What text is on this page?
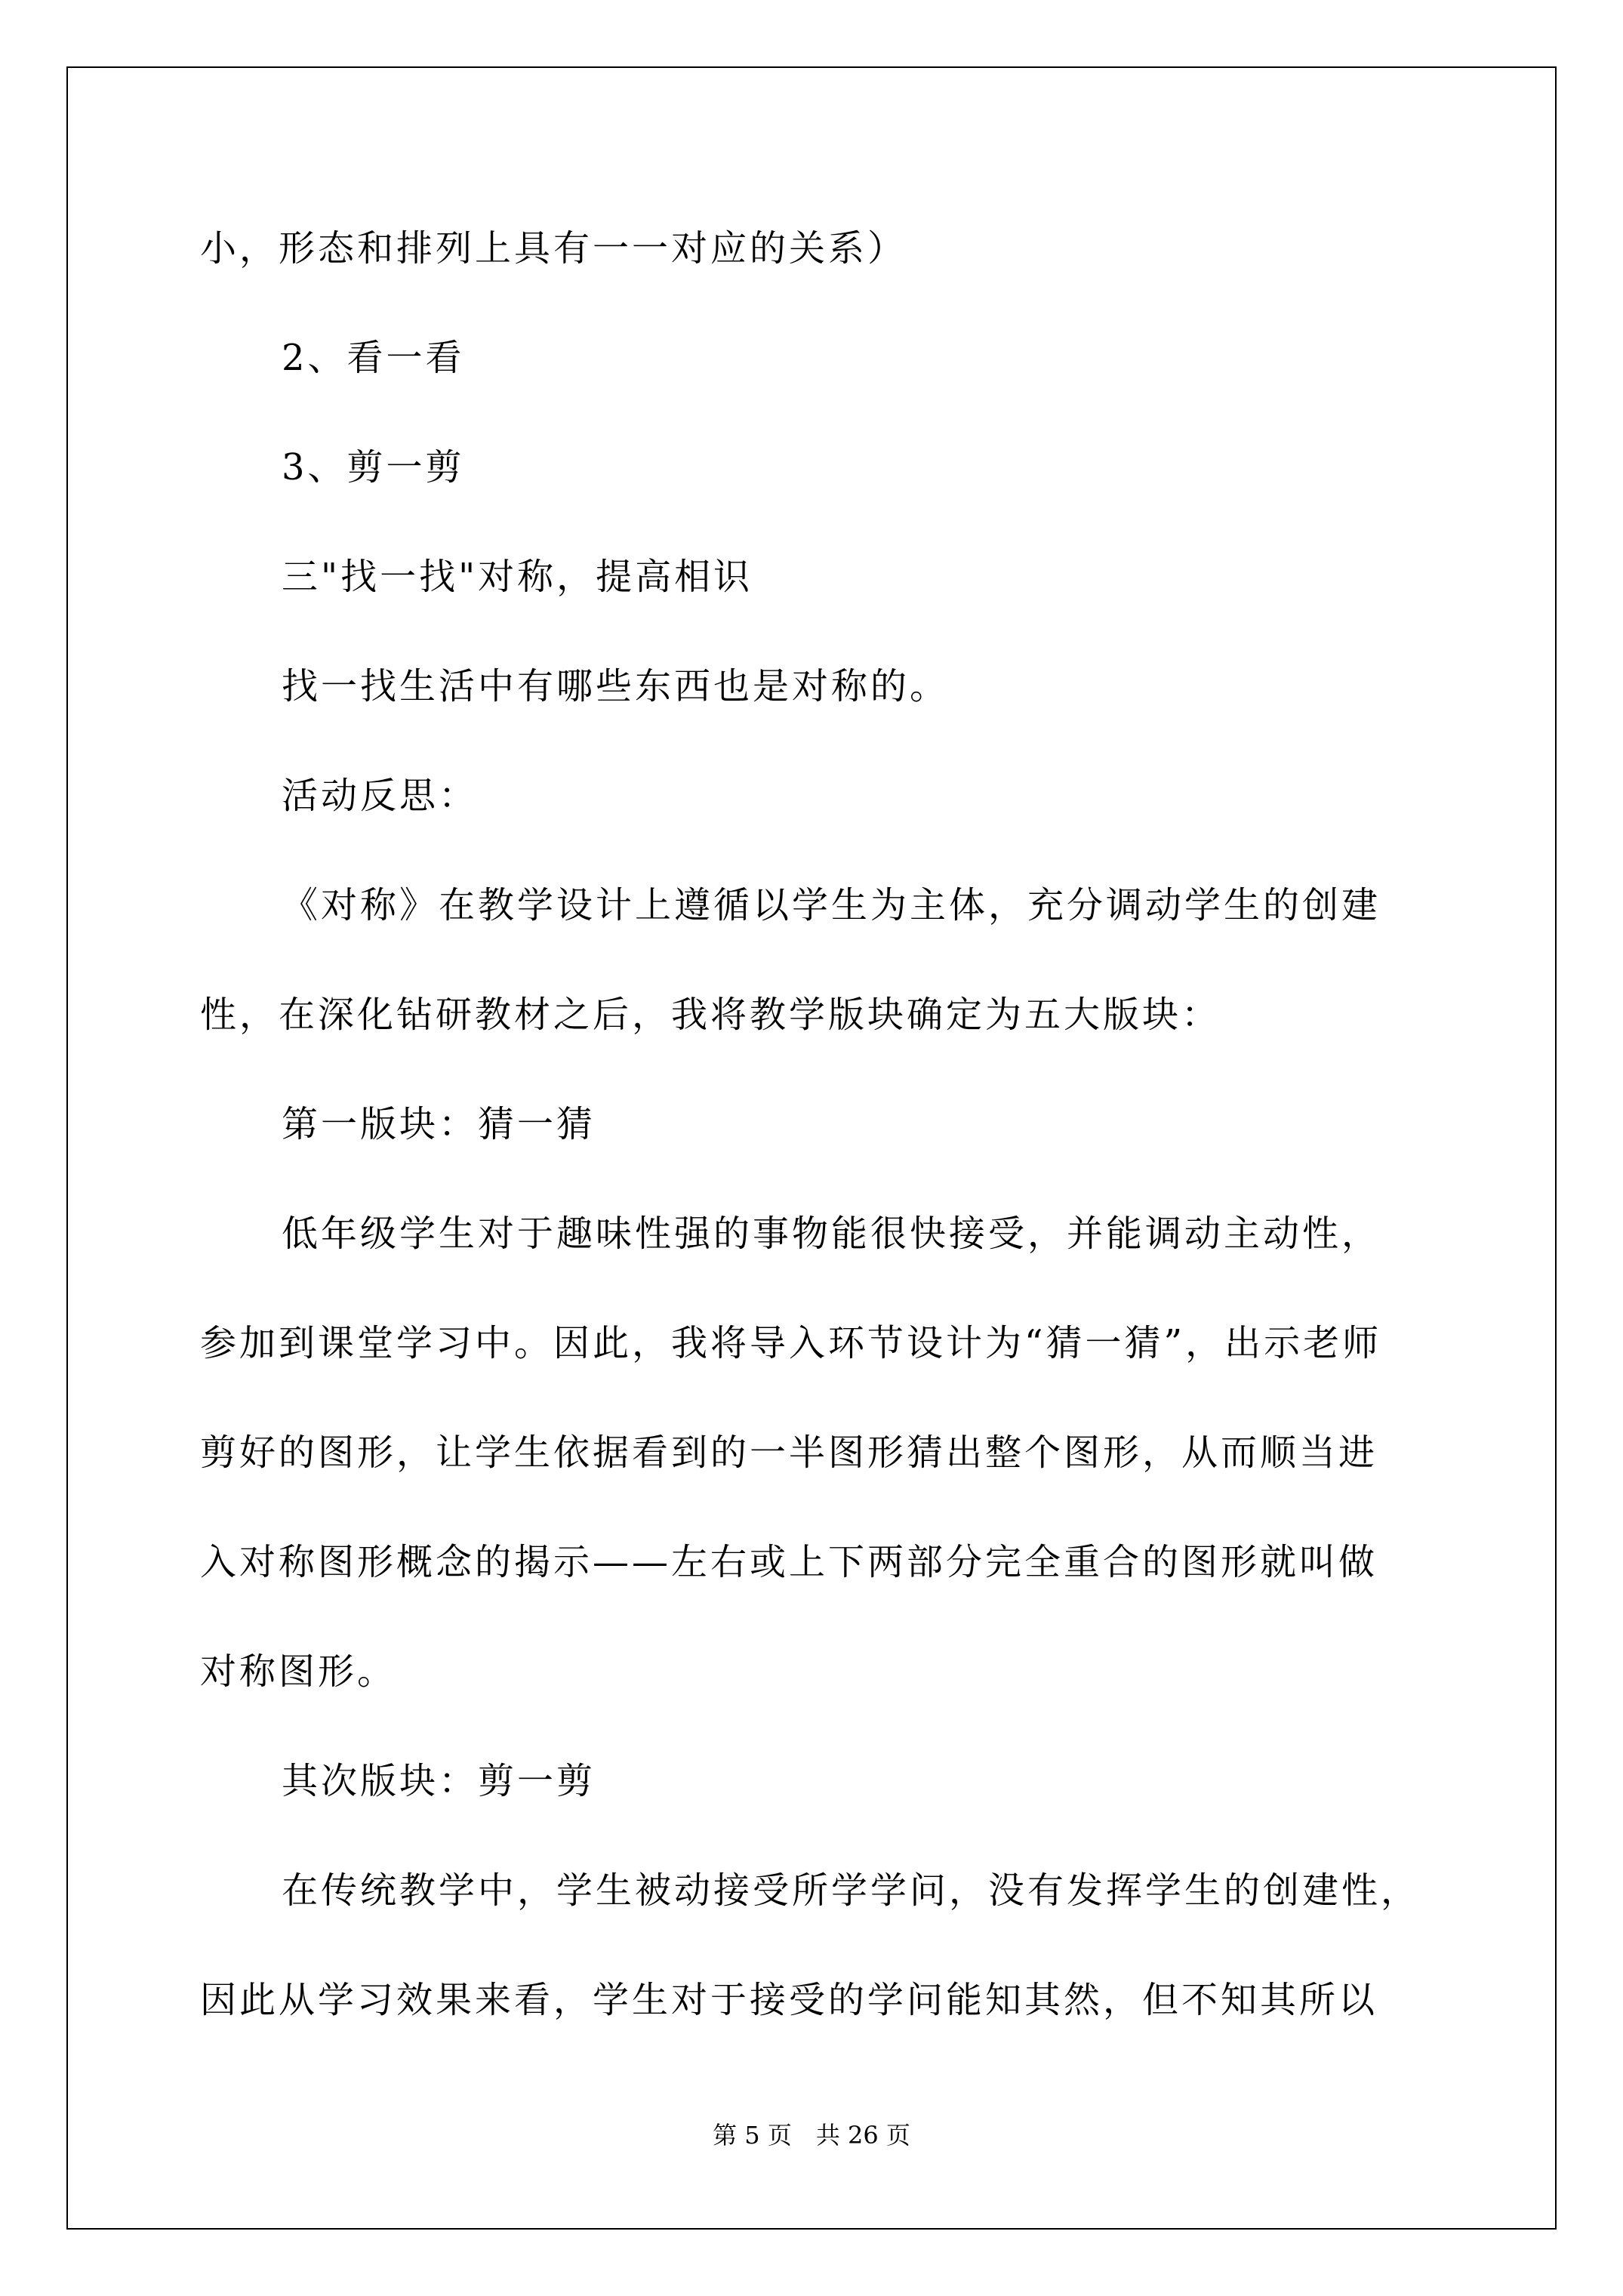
小，形态和排列上具有一一对应的关系）

2、看一看

3、剪一剪

三"找一找"对称，提高相识

找一找生活中有哪些东西也是对称的。

活动反思：

《对称》在教学设计上遵循以学生为主体，充分调动学生的创建

性，在深化钻研教材之后，我将教学版块确定为五大版块：

第一版块：猜一猜

低年级学生对于趣味性强的事物能很快接受，并能调动主动性，

参加到课堂学习中。因此，我将导入环节设计为“猜一猜”，出示老师

剪好的图形，让学生依据看到的一半图形猜出整个图形，从而顺当进

入对称图形概念的揭示——左右或上下两部分完全重合的图形就叫做

对称图形。

其次版块：剪一剪

在传统教学中，学生被动接受所学学问，没有发挥学生的创建性，

因此从学习效果来看，学生对于接受的学问能知其然，但不知其所以

第 5 页　共 26 页
